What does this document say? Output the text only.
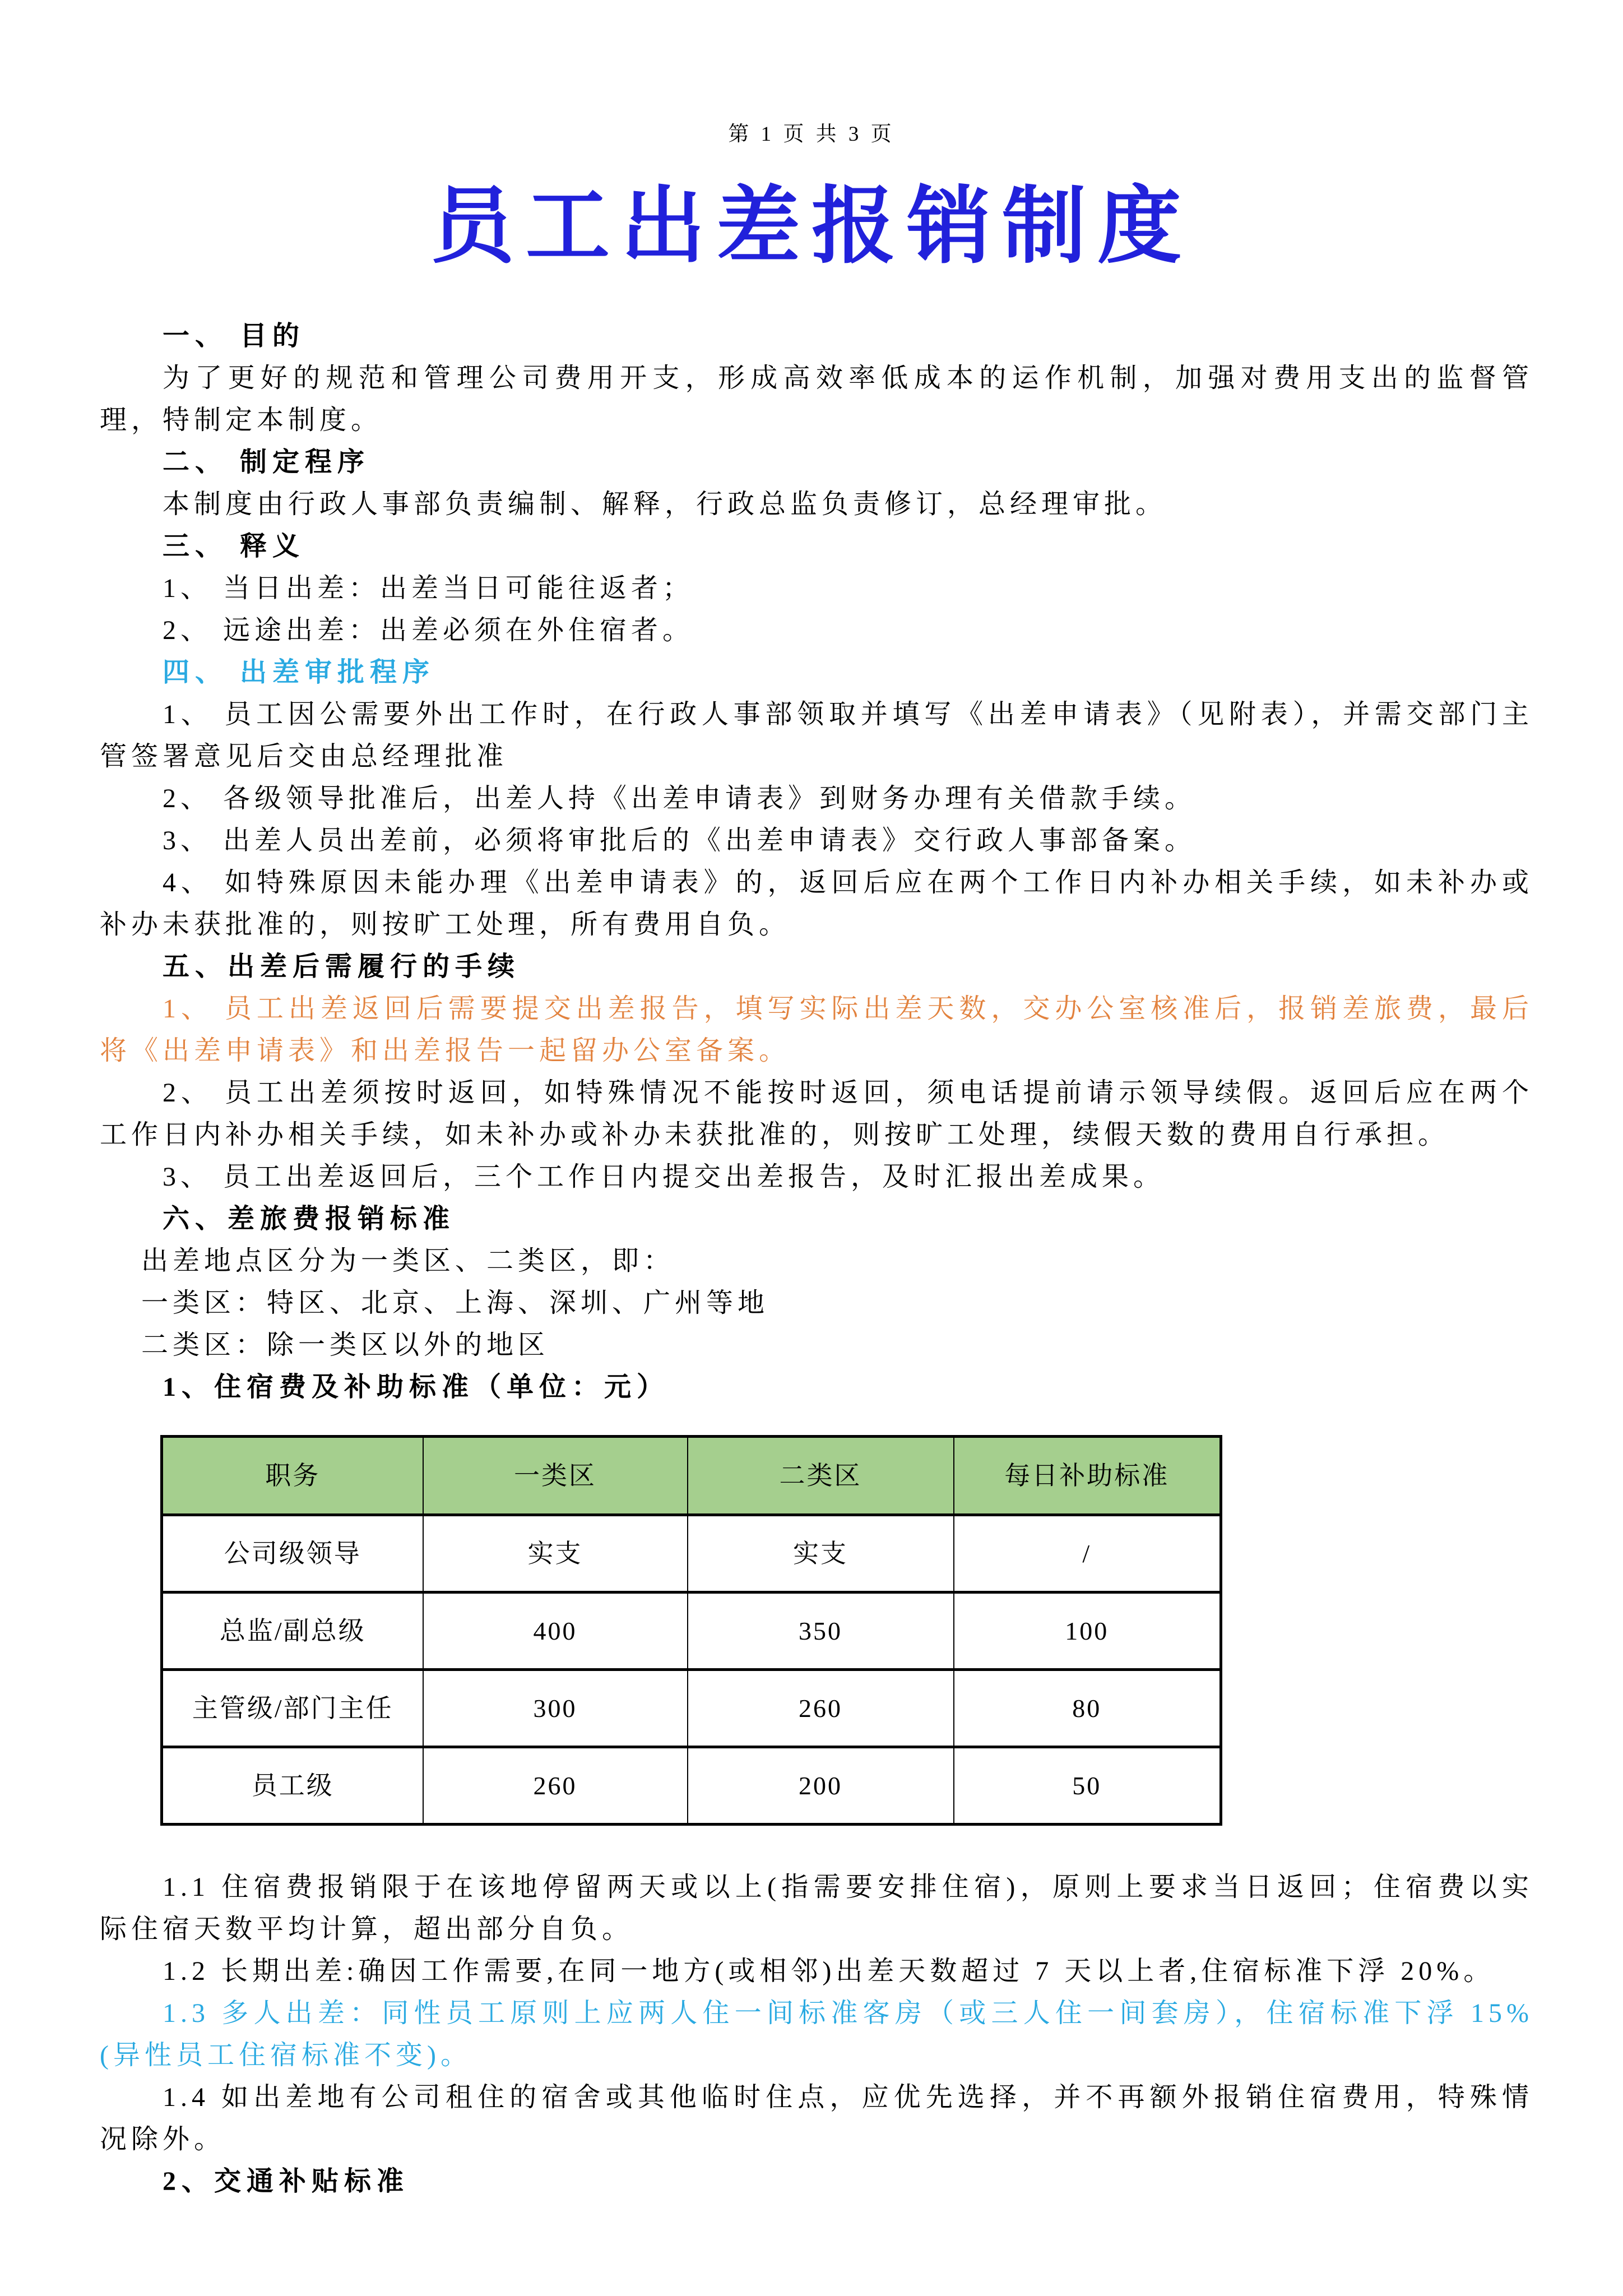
第 1 页 共 3 页
员工出差报销制度

一、 目的

为了更好的规范和管理公司费用开支，形成高效率低成本的运作机制，加强对费用支出的监督管理，特制定本制度。

二、 制定程序

本制度由行政人事部负责编制、解释，行政总监负责修订，总经理审批。

三、 释义

1、 当日出差：出差当日可能往返者；

2、 远途出差：出差必须在外住宿者。

四、 出差审批程序

1、 员工因公需要外出工作时，在行政人事部领取并填写《出差申请表》（见附表），并需交部门主管签署意见后交由总经理批准

2、 各级领导批准后，出差人持《出差申请表》到财务办理有关借款手续。

3、 出差人员出差前，必须将审批后的《出差申请表》交行政人事部备案。

4、 如特殊原因未能办理《出差申请表》的，返回后应在两个工作日内补办相关手续，如未补办或补办未获批准的，则按旷工处理，所有费用自负。

五、出差后需履行的手续

1、 员工出差返回后需要提交出差报告，填写实际出差天数，交办公室核准后，报销差旅费，最后将《出差申请表》和出差报告一起留办公室备案。

2、 员工出差须按时返回，如特殊情况不能按时返回，须电话提前请示领导续假。返回后应在两个工作日内补办相关手续，如未补办或补办未获批准的，则按旷工处理，续假天数的费用自行承担。

3、 员工出差返回后，三个工作日内提交出差报告，及时汇报出差成果。

六、差旅费报销标准

出差地点区分为一类区、二类区，即：

一类区：特区、北京、上海、深圳、广州等地

二类区：除一类区以外的地区

1、住宿费及补助标准（单位：元）

职务	一类区	二类区	每日补助标准
公司级领导	实支	实支	/
总监/副总级	400	350	100
主管级/部门主任	300	260	80
员工级	260	200	50

1.1 住宿费报销限于在该地停留两天或以上(指需要安排住宿)，原则上要求当日返回；住宿费以实际住宿天数平均计算，超出部分自负。

1.2 长期出差:确因工作需要,在同一地方(或相邻)出差天数超过 7 天以上者,住宿标准下浮 20%。

1.3 多人出差：同性员工原则上应两人住一间标准客房（或三人住一间套房），住宿标准下浮 15%(异性员工住宿标准不变)。

1.4 如出差地有公司租住的宿舍或其他临时住点，应优先选择，并不再额外报销住宿费用，特殊情况除外。

2、交通补贴标准
